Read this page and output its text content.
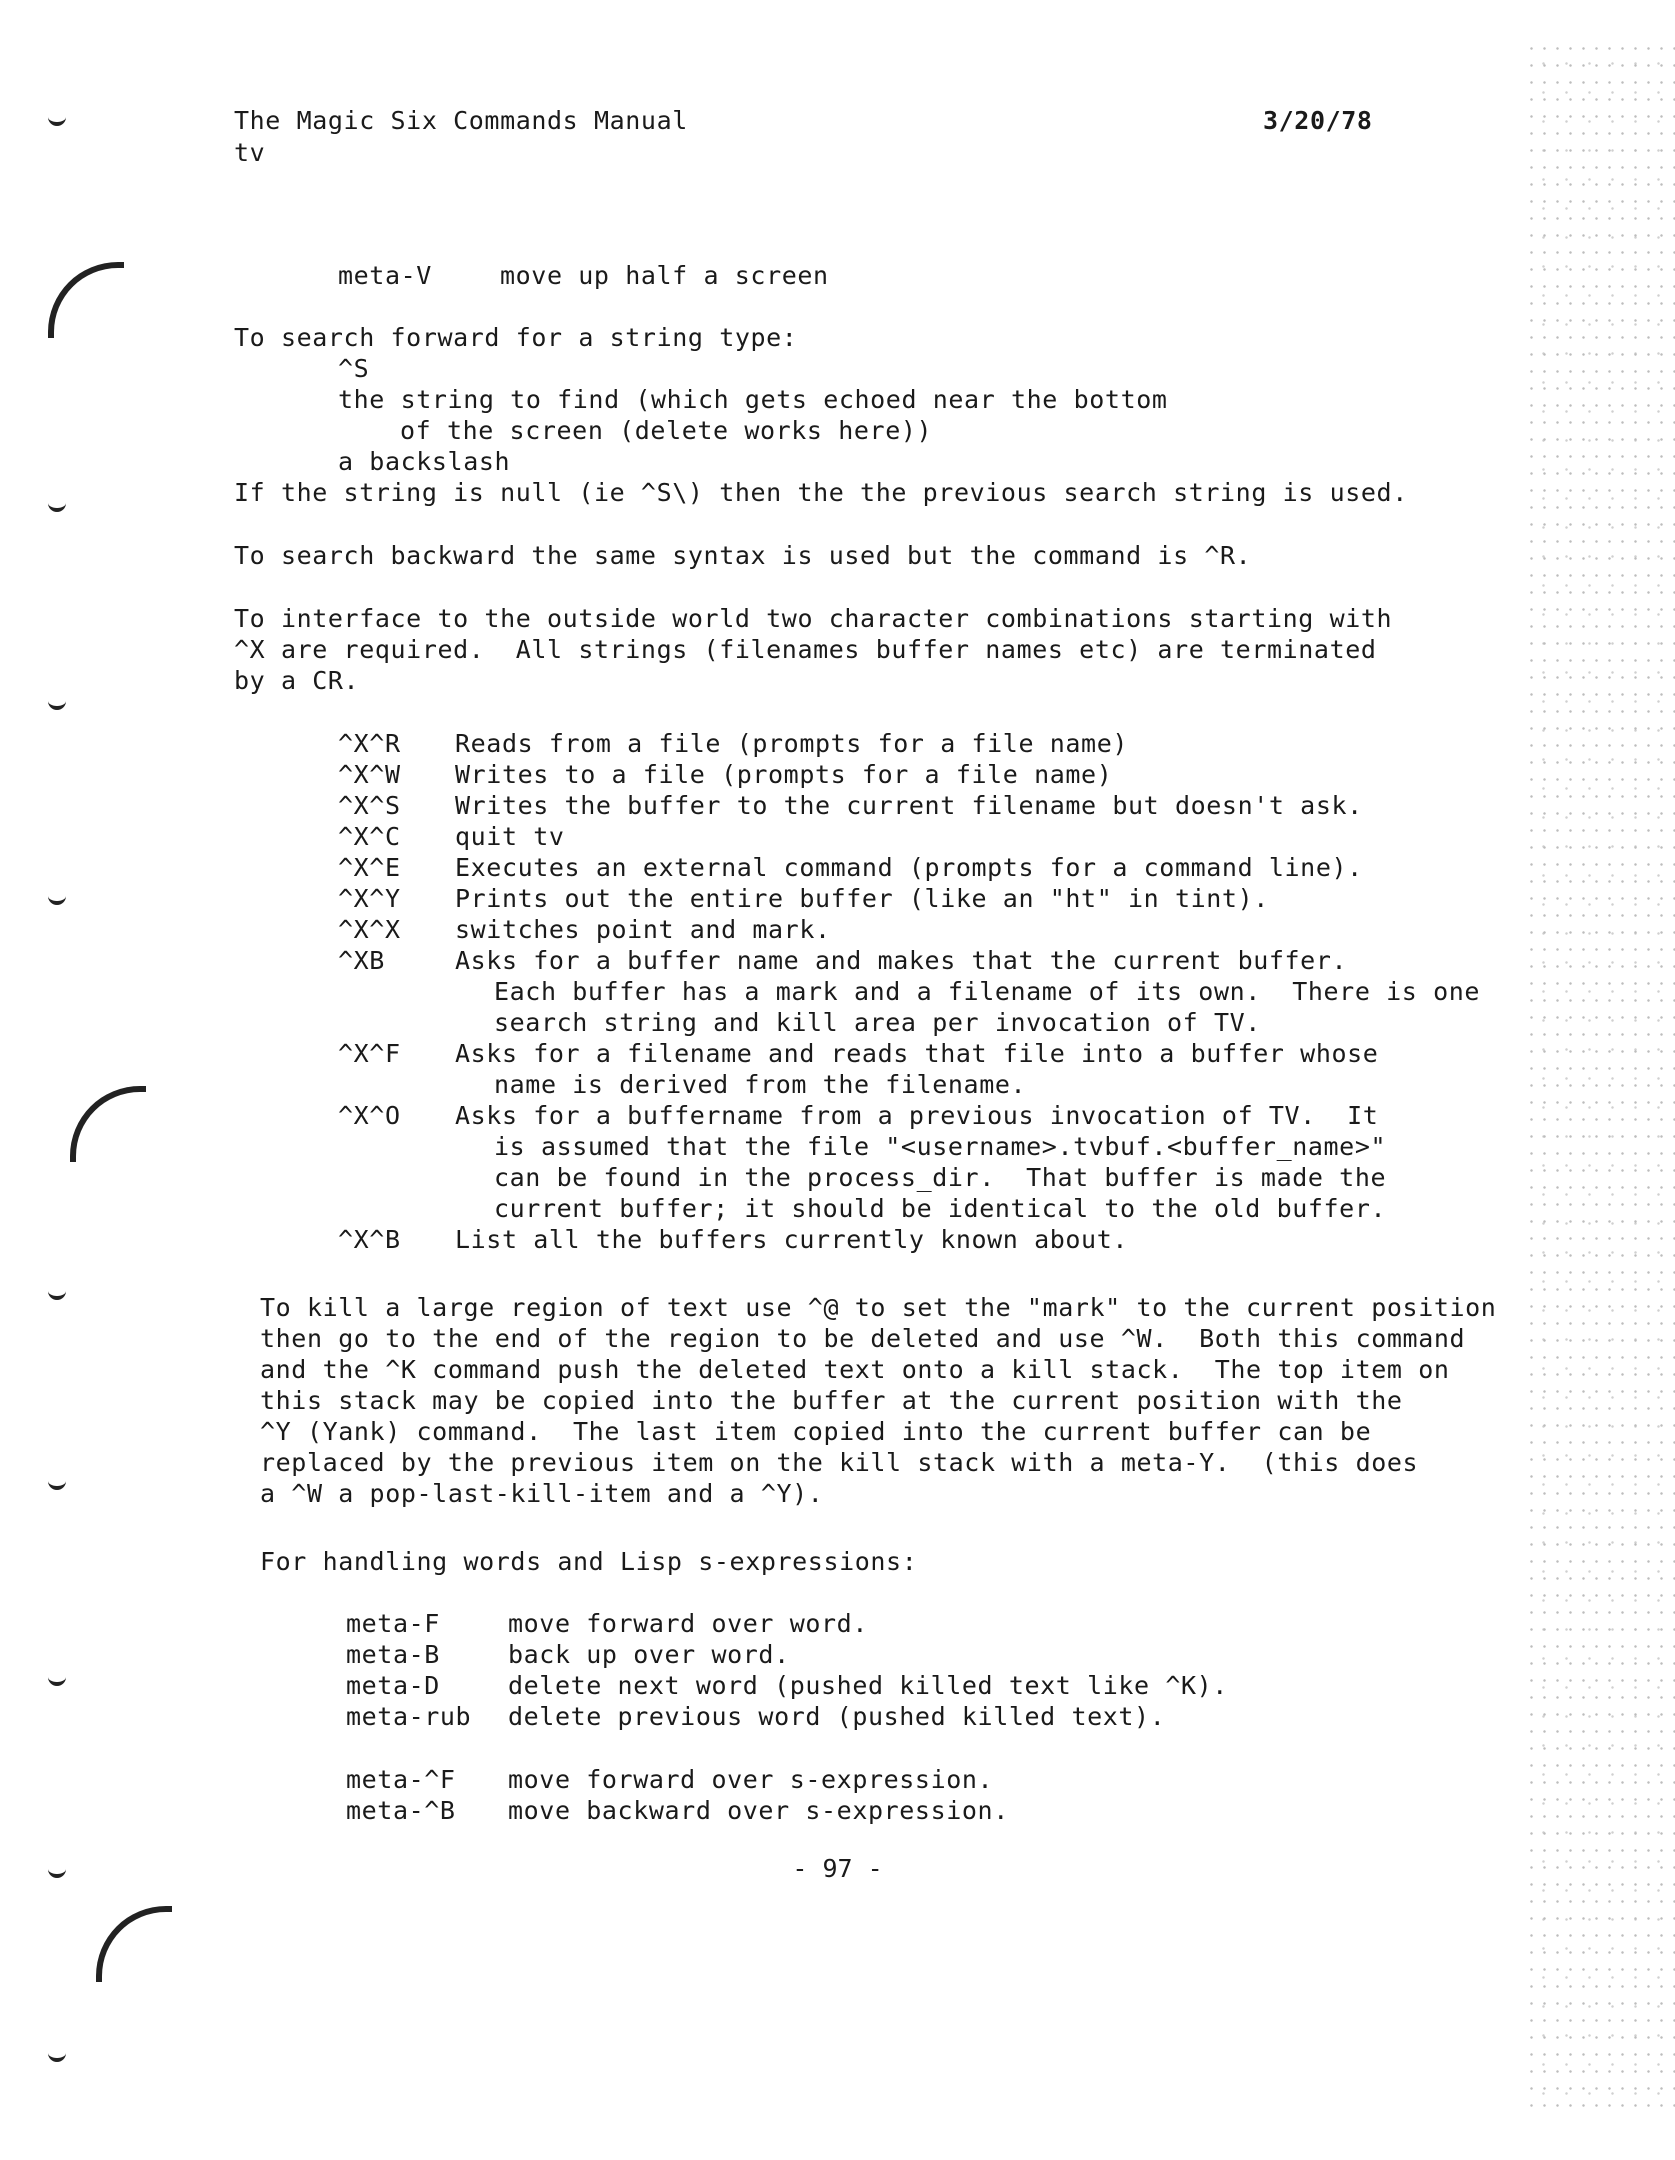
The Magic Six Commands Manual	3/20/78
tv
meta-V	move up half a screen
To search forward for a string type:
^S
the string to find (which gets echoed near the bottom
of the screen (delete works here))
a backslash
If the string is null (ie ^S\) then the the previous search string is used.
To search backward the same syntax is used but the command is ^R.
To interface to the outside world two character combinations starting with
^X are required.  All strings (filenames buffer names etc) are terminated
by a CR.
^X^R Reads from a file (prompts for a file name)
^X^W Writes to a file (prompts for a file name)
^X^S Writes the buffer to the current filename but doesn't ask.
^X^C quit tv
^X^E Executes an external command (prompts for a command line).
^X^Y Prints out the entire buffer (like an "ht" in tint).
^X^X switches point and mark.
^XB	Asks for a buffer name and makes that the current buffer.
Each buffer has a mark and a filename of its own.  There is one
search string and kill area per invocation of TV.
^X^F Asks for a filename and reads that file into a buffer whose
name is derived from the filename.
^X^O Asks for a buffername from a previous invocation of TV.  It
is assumed that the file "<username>.tvbuf.<buffer_name>"
can be found in the process_dir.  That buffer is made the
current buffer; it should be identical to the old buffer.
^X^B List all the buffers currently known about.
To kill a large region of text use ^@ to set the "mark" to the current position
then go to the end of the region to be deleted and use ^W.  Both this command
and the ^K command push the deleted text onto a kill stack.  The top item on
this stack may be copied into the buffer at the current position with the
^Y (Yank) command.  The last item copied into the current buffer can be
replaced by the previous item on the kill stack with a meta-Y.  (this does
a ^W a pop-last-kill-item and a ^Y).
For handling words and Lisp s-expressions:
meta-F	move forward over word.
meta-B	back up over word.
meta-D	delete next word (pushed killed text like ^K).
meta-rub delete previous word (pushed killed text).
meta-^F move forward over s-expression.
meta-^B move backward over s-expression.
- 97 -
